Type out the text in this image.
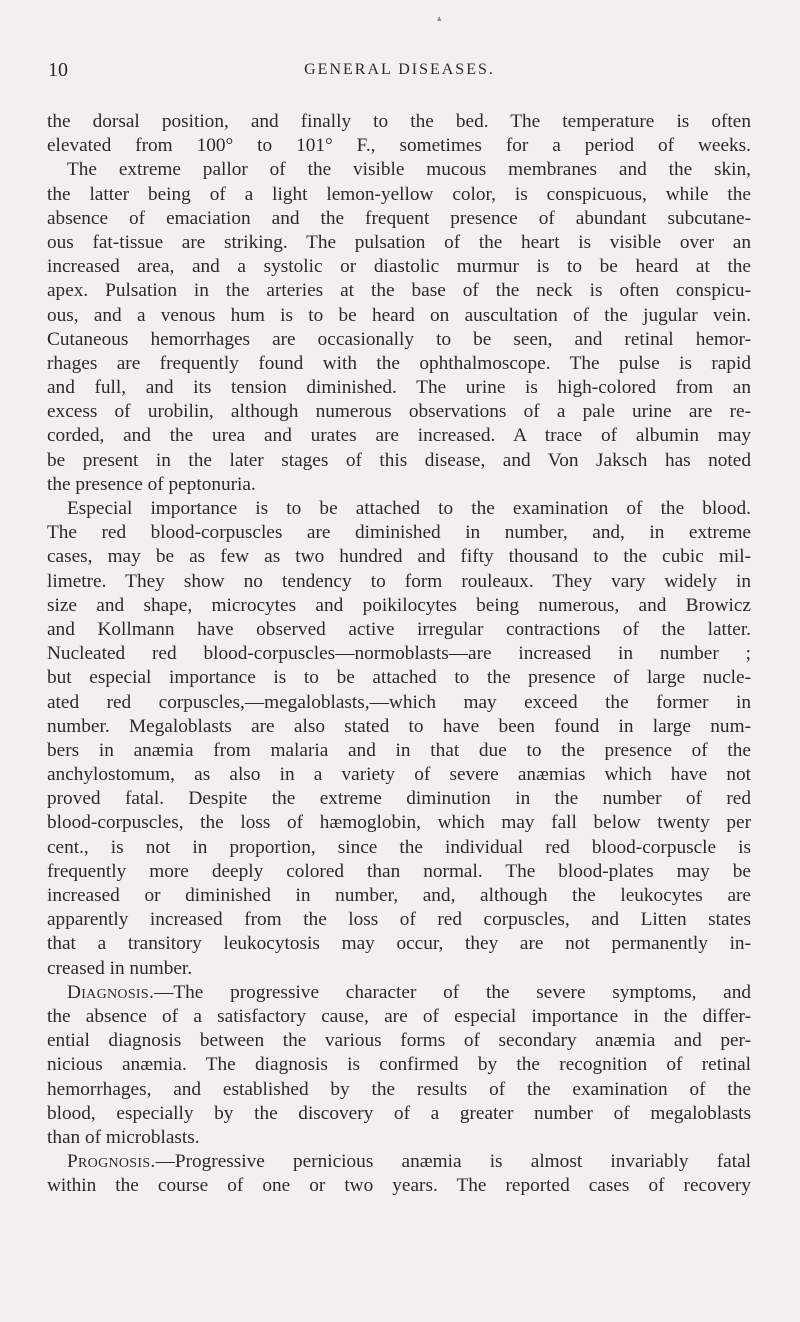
▴
10	GENERAL DISEASES.
the dorsal position, and finally to the bed. The temperature is often
elevated from 100° to 101° F., sometimes for a period of weeks.
The extreme pallor of the visible mucous membranes and the skin,
the latter being of a light lemon-yellow color, is conspicuous, while the
absence of emaciation and the frequent presence of abundant subcutane-
ous fat-tissue are striking. The pulsation of the heart is visible over an
increased area, and a systolic or diastolic murmur is to be heard at the
apex. Pulsation in the arteries at the base of the neck is often conspicu-
ous, and a venous hum is to be heard on auscultation of the jugular vein.
Cutaneous hemorrhages are occasionally to be seen, and retinal hemor-
rhages are frequently found with the ophthalmoscope. The pulse is rapid
and full, and its tension diminished. The urine is high-colored from an
excess of urobilin, although numerous observations of a pale urine are re-
corded, and the urea and urates are increased. A trace of albumin may
be present in the later stages of this disease, and Von Jaksch has noted
the presence of peptonuria.
Especial importance is to be attached to the examination of the blood.
The red blood-corpuscles are diminished in number, and, in extreme
cases, may be as few as two hundred and fifty thousand to the cubic mil-
limetre. They show no tendency to form rouleaux. They vary widely in
size and shape, microcytes and poikilocytes being numerous, and Browicz
and Kollmann have observed active irregular contractions of the latter.
Nucleated red blood-corpuscles—normoblasts—are increased in number ;
but especial importance is to be attached to the presence of large nucle-
ated red corpuscles,—megaloblasts,—which may exceed the former in
number. Megaloblasts are also stated to have been found in large num-
bers in anæmia from malaria and in that due to the presence of the
anchylostomum, as also in a variety of severe anæmias which have not
proved fatal. Despite the extreme diminution in the number of red
blood-corpuscles, the loss of hæmoglobin, which may fall below twenty per
cent., is not in proportion, since the individual red blood-corpuscle is
frequently more deeply colored than normal. The blood-plates may be
increased or diminished in number, and, although the leukocytes are
apparently increased from the loss of red corpuscles, and Litten states
that a transitory leukocytosis may occur, they are not permanently in-
creased in number.
Diagnosis.—The progressive character of the severe symptoms, and
the absence of a satisfactory cause, are of especial importance in the differ-
ential diagnosis between the various forms of secondary anæmia and per-
nicious anæmia. The diagnosis is confirmed by the recognition of retinal
hemorrhages, and established by the results of the examination of the
blood, especially by the discovery of a greater number of megaloblasts
than of microblasts.
Prognosis.—Progressive pernicious anæmia is almost invariably fatal
within the course of one or two years. The reported cases of recovery
